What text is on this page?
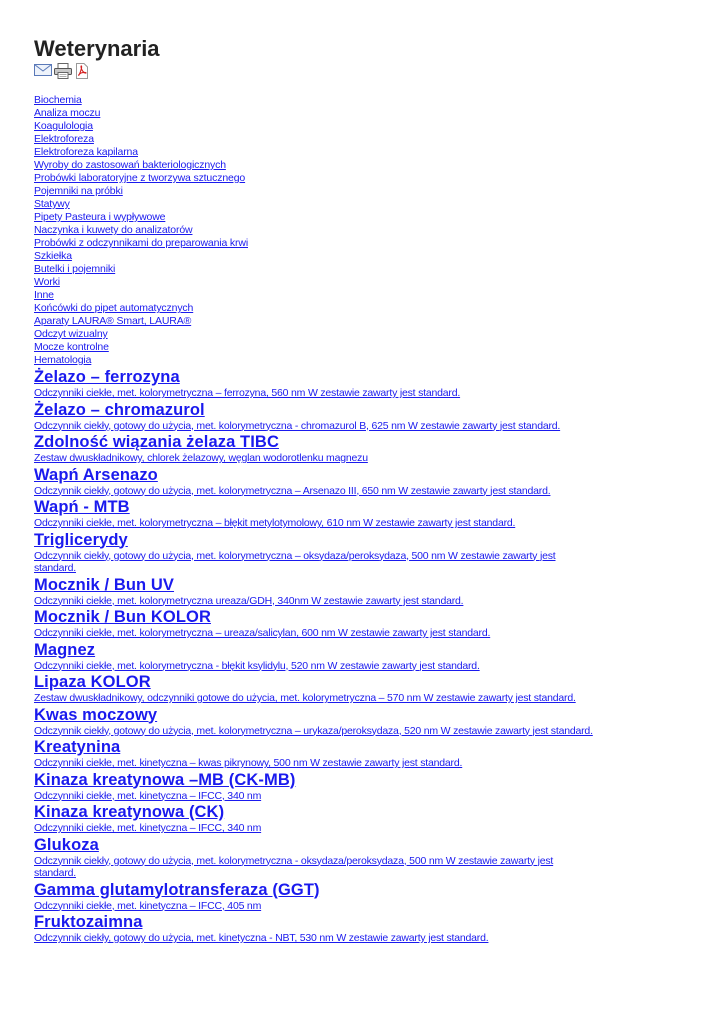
Weterynaria
Biochemia
Analiza moczu
Koagulologia
Elektroforeza
Elektroforeza kapilarna
Wyroby do zastosowań bakteriologicznych
Probówki laboratoryjne z tworzywa sztucznego
Pojemniki na próbki
Statywy
Pipety Pasteura i wypływowe
Naczynka i kuwety do analizatorów
Probówki z odczynnikami do preparowania krwi
Szkiełka
Butelki i pojemniki
Worki
Inne
Końcówki do pipet automatycznych
Aparaty LAURA® Smart, LAURA®
Odczyt wizualny
Mocze kontrolne
Hematologia
Żelazo – ferrozyna
Odczynniki ciekłe, met. kolorymetryczna – ferrozyna, 560 nm W zestawie zawarty jest standard.
Żelazo – chromazurol
Odczynnik ciekły, gotowy do użycia, met. kolorymetryczna - chromazurol B, 625 nm W zestawie zawarty jest standard.
Zdolność wiązania żelaza TIBC
Zestaw dwuskładnikowy, chlorek żelazowy, węglan wodorotlenku magnezu
Wapń Arsenazo
Odczynnik ciekły, gotowy do użycia, met. kolorymetryczna – Arsenazo III, 650 nm W zestawie zawarty jest standard.
Wapń - MTB
Odczynniki ciekłe, met. kolorymetryczna – błękit metylotymolowy, 610 nm W zestawie zawarty jest standard.
Triglicerydy
Odczynnik ciekły, gotowy do użycia, met. kolorymetryczna – oksydaza/peroksydaza, 500 nm W zestawie zawarty jest standard.
Mocznik / Bun UV
Odczynniki ciekłe, met. kolorymetryczna ureaza/GDH, 340nm W zestawie zawarty jest standard.
Mocznik / Bun KOLOR
Odczynniki ciekłe, met. kolorymetryczna – ureaza/salicylan, 600 nm W zestawie zawarty jest standard.
Magnez
Odczynniki ciekłe, met. kolorymetryczna - błękit ksylidylu, 520 nm W zestawie zawarty jest standard.
Lipaza KOLOR
Zestaw dwuskładnikowy, odczynniki gotowe do użycia, met. kolorymetryczna – 570 nm W zestawie zawarty jest standard.
Kwas moczowy
Odczynnik ciekły, gotowy do użycia, met. kolorymetryczna – urykaza/peroksydaza, 520 nm W zestawie zawarty jest standard.
Kreatynina
Odczynniki ciekłe, met. kinetyczna – kwas pikrynowy, 500 nm W zestawie zawarty jest standard.
Kinaza kreatynowa –MB (CK-MB)
Odczynniki ciekłe, met. kinetyczna – IFCC, 340 nm
Kinaza kreatynowa (CK)
Odczynniki ciekłe, met. kinetyczna – IFCC, 340 nm
Glukoza
Odczynnik ciekły, gotowy do użycia, met. kolorymetryczna - oksydaza/peroksydaza, 500 nm W zestawie zawarty jest standard.
Gamma glutamylotransferaza (GGT)
Odczynniki ciekłe, met. kinetyczna – IFCC, 405 nm
Fruktozaimna
Odczynnik ciekły, gotowy do użycia, met. kinetyczna - NBT, 530 nm W zestawie zawarty jest standard.
